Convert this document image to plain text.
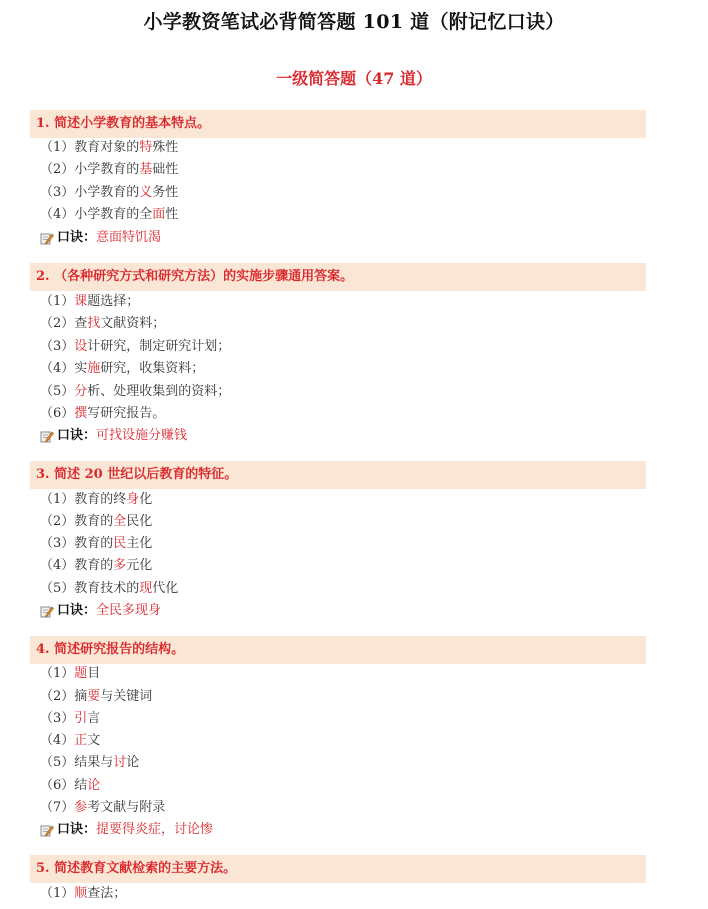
小学教资笔试必背简答题 101 道（附记忆口诀）
一级简答题（47 道）
1. 简述小学教育的基本特点。
（1）教育对象的特殊性
（2）小学教育的基础性
（3）小学教育的义务性
（4）小学教育的全面性
口诀： 意面特饥渴
2. （各种研究方式和研究方法）的实施步骤通用答案。
（1）课题选择；
（2）查找文献资料；
（3）设计研究，制定研究计划；
（4）实施研究，收集资料；
（5）分析、处理收集到的资料；
（6）撰写研究报告。
口诀： 可找设施分赚钱
3. 简述 20 世纪以后教育的特征。
（1）教育的终身化
（2）教育的全民化
（3）教育的民主化
（4）教育的多元化
（5）教育技术的现代化
口诀： 全民多现身
4. 简述研究报告的结构。
（1）题目
（2）摘要与关键词
（3）引言
（4）正文
（5）结果与讨论
（6）结论
（7）参考文献与附录
口诀： 提要得炎症，讨论惨
5. 简述教育文献检索的主要方法。
（1）顺查法；
